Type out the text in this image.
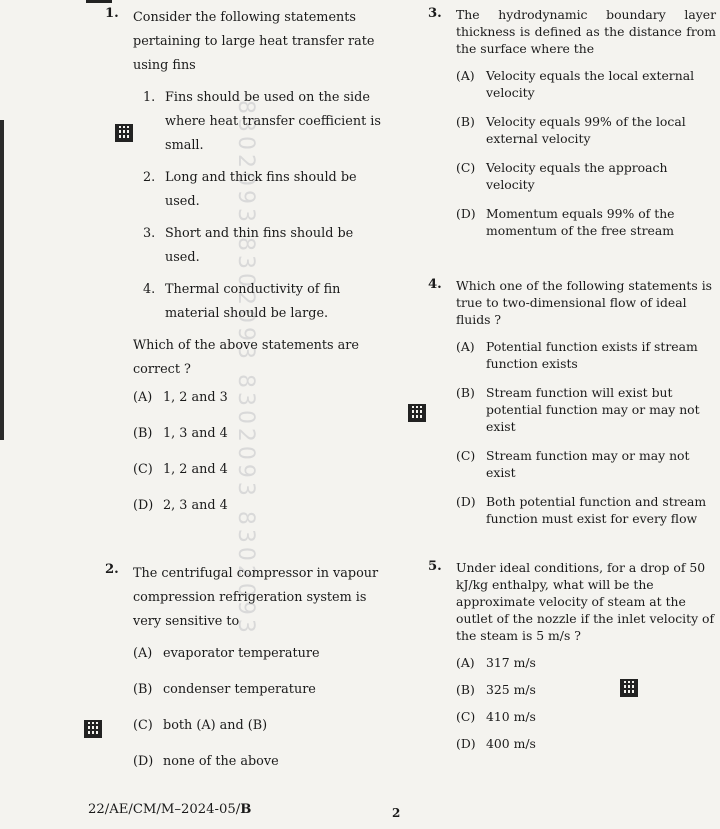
8302093 8302093 8302093 8302093
1. Consider the following statements pertaining to large heat transfer rate using fins
1. Fins should be used on the side where heat transfer coefficient is small.
2. Long and thick fins should be used.
3. Short and thin fins should be used.
4. Thermal conductivity of fin material should be large.
Which of the above statements are correct ?
(A) 1, 2 and 3
(B) 1, 3 and 4
(C) 1, 2 and 4
(D) 2, 3 and 4
2. The centrifugal compressor in vapour compression refrigeration system is very sensitive to
(A) evaporator temperature
(B) condenser temperature
(C) both (A) and (B)
(D) none of the above
3. The hydrodynamic boundary layer thickness is defined as the distance from the surface where the
(A) Velocity equals the local external velocity
(B) Velocity equals 99% of the local external velocity
(C) Velocity equals the approach velocity
(D) Momentum equals 99% of the momentum of the free stream
4. Which one of the following statements is true to two-dimensional flow of ideal fluids ?
(A) Potential function exists if stream function exists
(B) Stream function will exist but potential function may or may not exist
(C) Stream function may or may not exist
(D) Both potential function and stream function must exist for every flow
5. Under ideal conditions, for a drop of 50 kJ/kg enthalpy, what will be the approximate velocity of steam at the outlet of the nozzle if the inlet velocity of the steam is 5 m/s ?
(A) 317 m/s
(B) 325 m/s
(C) 410 m/s
(D) 400 m/s
22/AE/CM/M–2024-05/B	2
